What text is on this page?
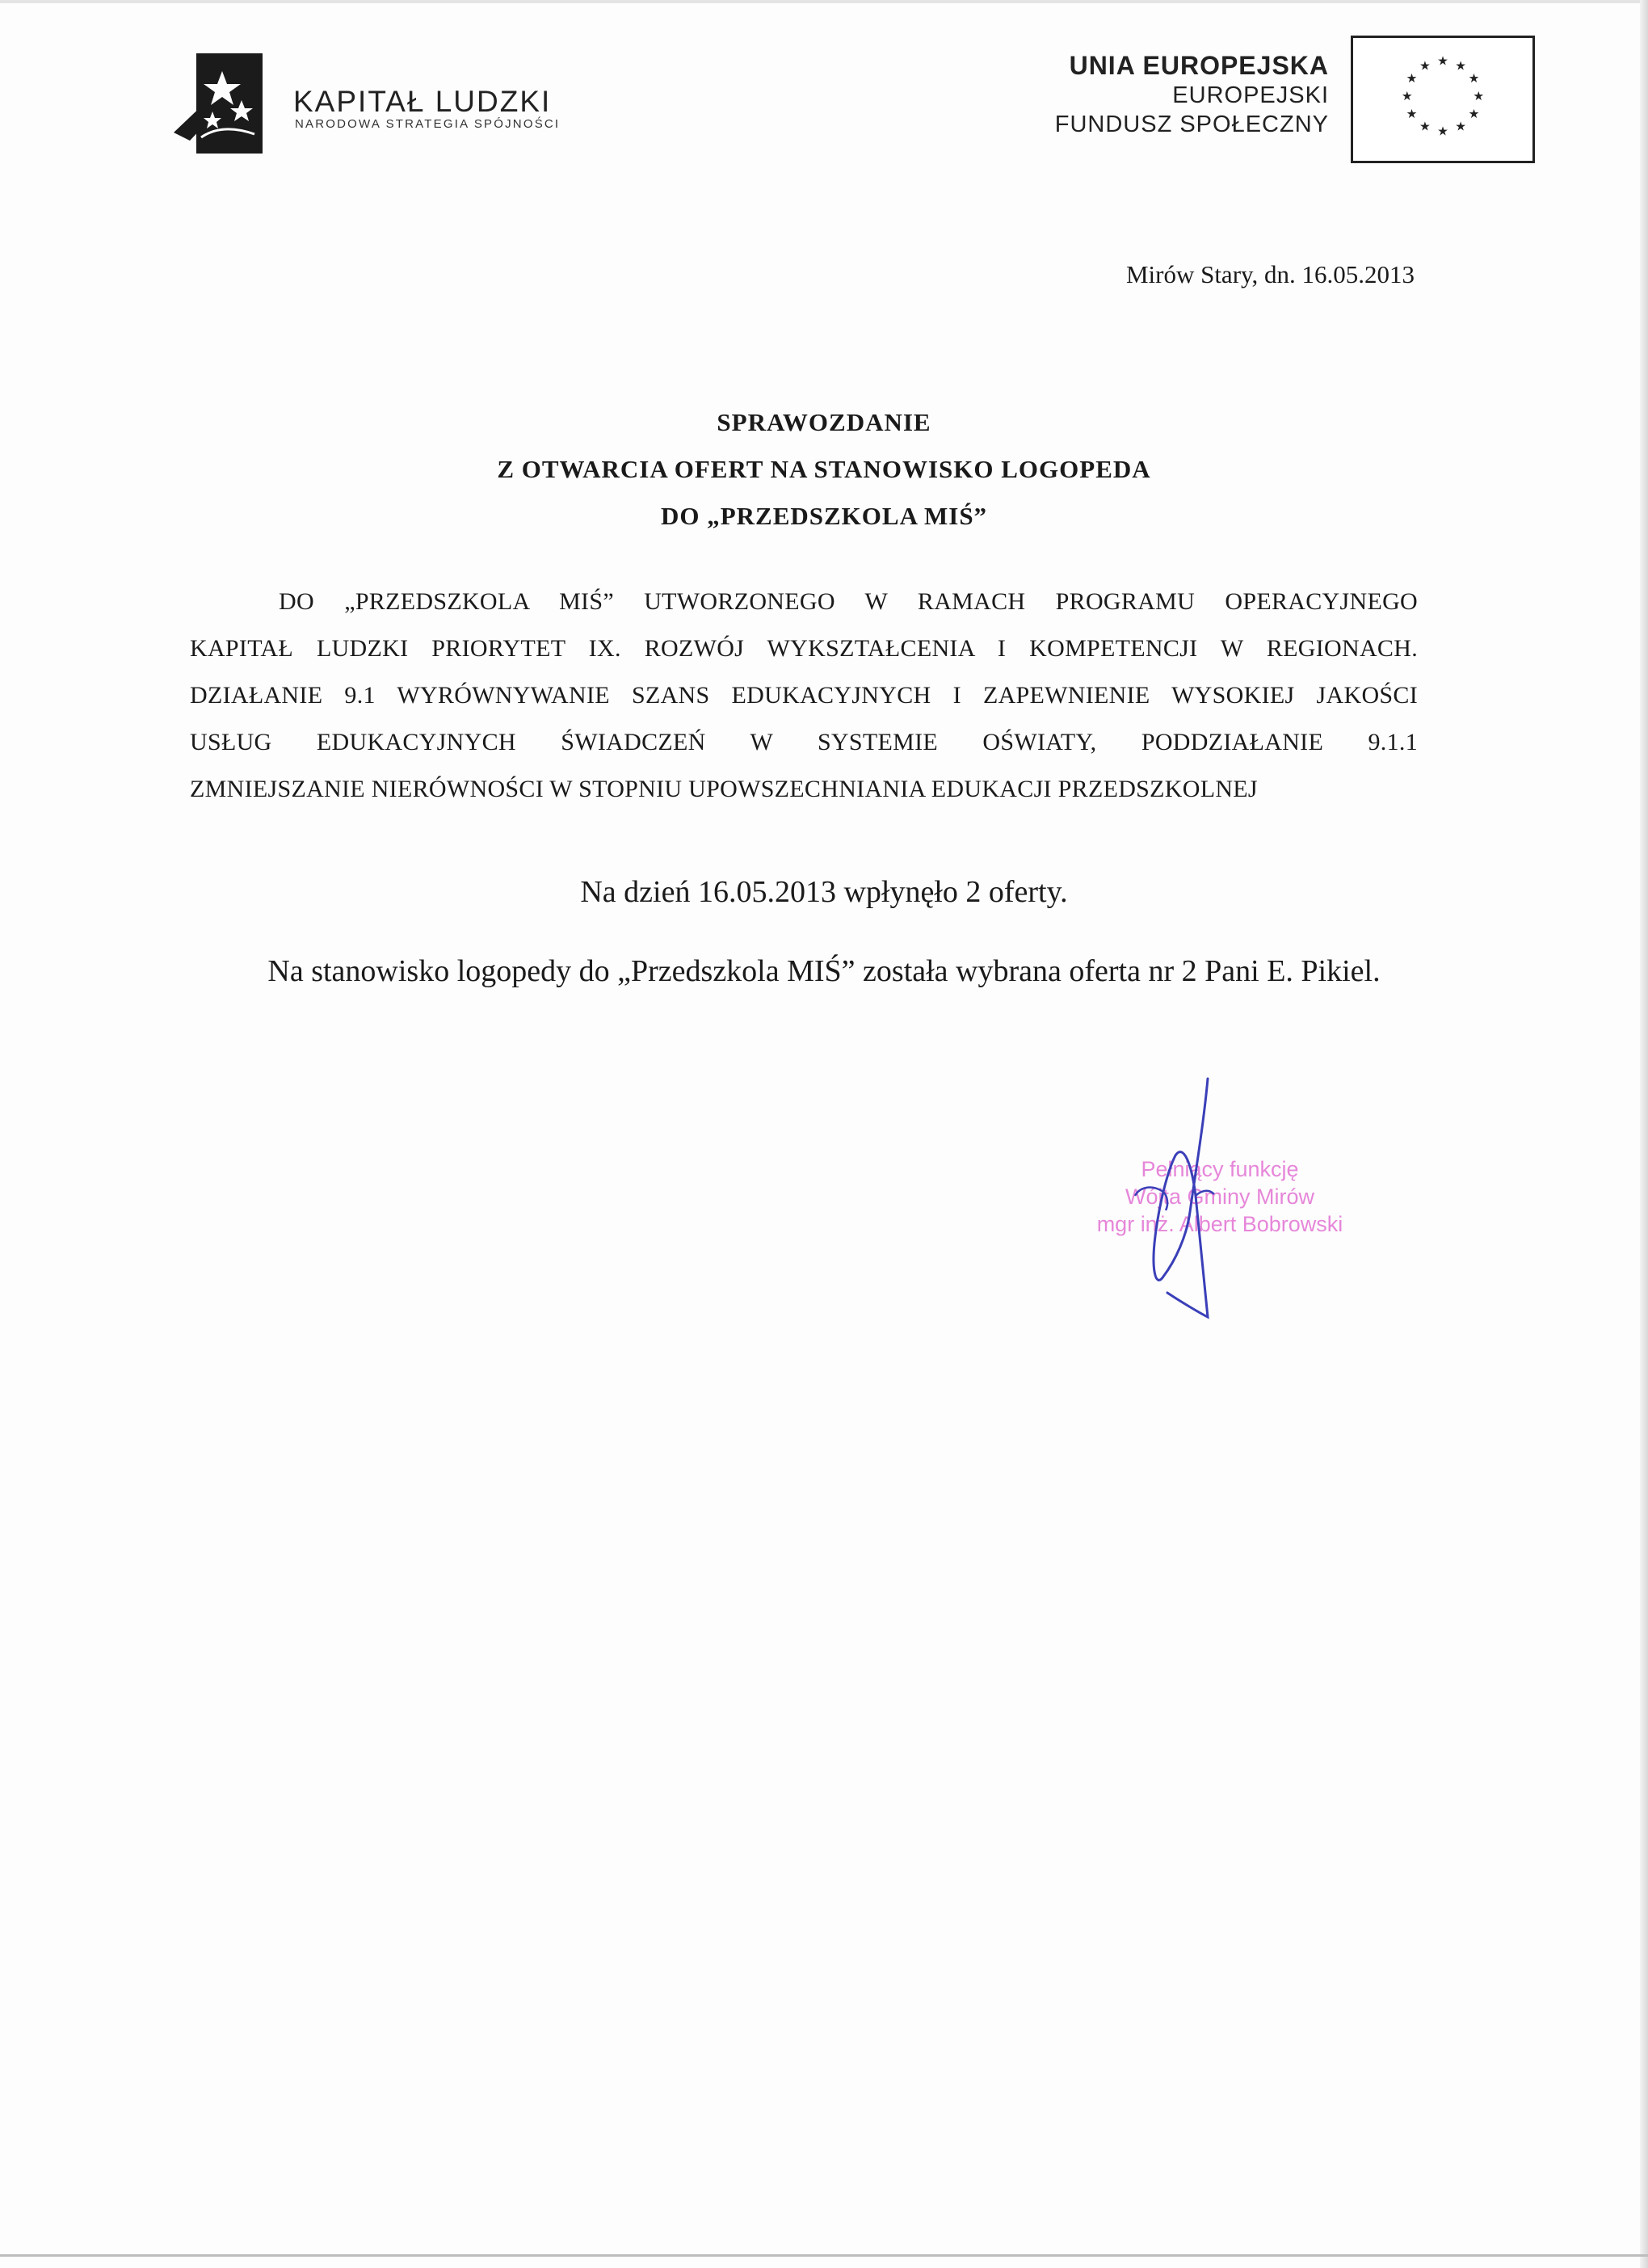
KAPITAŁ LUDZKI
NARODOWA STRATEGIA SPÓJNOŚCI
UNIA EUROPEJSKA
EUROPEJSKI
FUNDUSZ SPOŁECZNY
★ ★
★
★
★
★
★
★
★
★
★
★
Mirów Stary, dn. 16.05.2013
SPRAWOZDANIE
Z OTWARCIA OFERT NA STANOWISKO LOGOPEDA
DO „PRZEDSZKOLA MIŚ”
DO „PRZEDSZKOLA MIŚ” UTWORZONEGO W RAMACH PROGRAMU OPERACYJNEGO
KAPITAŁ LUDZKI PRIORYTET IX. ROZWÓJ WYKSZTAŁCENIA I KOMPETENCJI W REGIONACH.
DZIAŁANIE 9.1 WYRÓWNYWANIE SZANS EDUKACYJNYCH I ZAPEWNIENIE WYSOKIEJ JAKOŚCI
USŁUG EDUKACYJNYCH ŚWIADCZEŃ W SYSTEMIE OŚWIATY, PODDZIAŁANIE 9.1.1
ZMNIEJSZANIE NIERÓWNOŚCI W STOPNIU UPOWSZECHNIANIA EDUKACJI PRZEDSZKOLNEJ
Na dzień 16.05.2013 wpłynęło 2 oferty.
Na stanowisko logopedy do „Przedszkola MIŚ” została wybrana oferta nr 2 Pani E. Pikiel.
Pełniący funkcję
Wójta Gminy Mirów
mgr inż. Albert Bobrowski
